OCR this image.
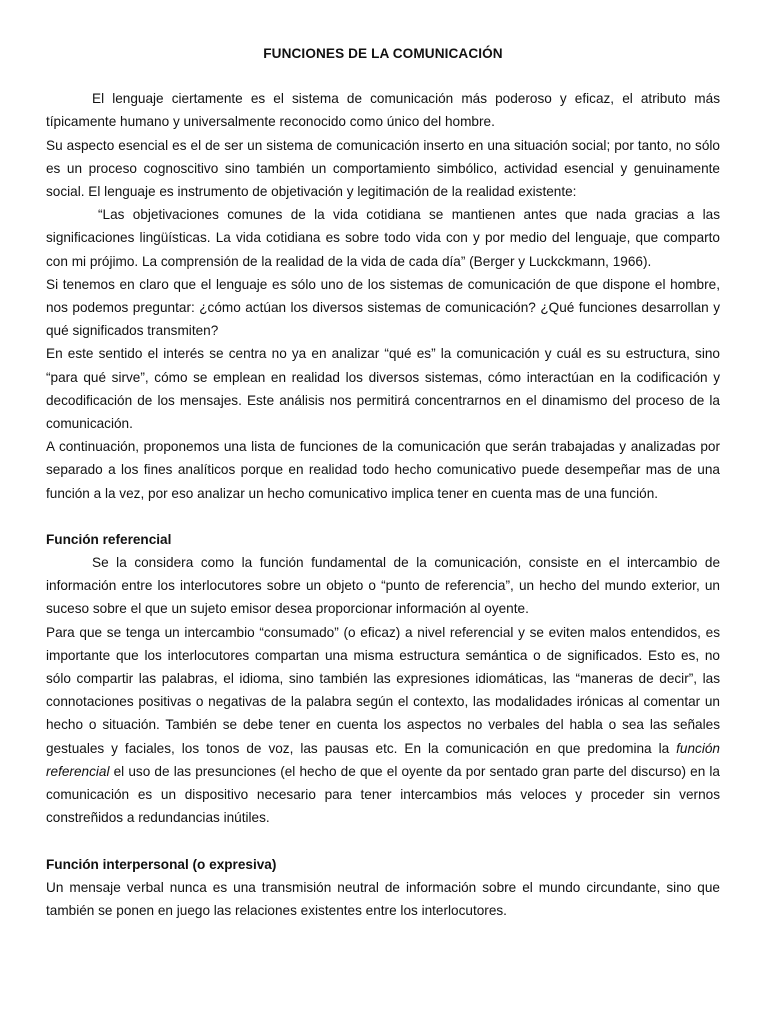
FUNCIONES DE LA COMUNICACIÓN

El lenguaje ciertamente es el sistema de comunicación más poderoso y eficaz, el atributo más típicamente humano y universalmente reconocido como único del hombre.

Su aspecto esencial es el de ser un sistema de comunicación inserto en una situación social; por tanto, no sólo es un proceso cognoscitivo sino también un comportamiento simbólico, actividad esencial y genuinamente social. El lenguaje es instrumento de objetivación y legitimación de la realidad existente:

“Las objetivaciones comunes de la vida cotidiana se mantienen antes que nada gracias a las significaciones lingüísticas. La vida cotidiana es sobre todo vida con y por medio del lenguaje, que comparto con mi prójimo. La comprensión de la realidad de la vida de cada día” (Berger y Luckckmann, 1966).

Si tenemos en claro que el lenguaje es sólo uno de los sistemas de comunicación de que dispone el hombre, nos podemos preguntar: ¿cómo actúan los diversos sistemas de comunicación? ¿Qué funciones desarrollan y qué significados transmiten?

En este sentido el interés se centra no ya en analizar “qué es” la comunicación y cuál es su estructura, sino “para qué sirve”, cómo se emplean en realidad los diversos sistemas, cómo interactúan en la codificación y decodificación de los mensajes. Este análisis nos permitirá concentrarnos en el dinamismo del proceso de la comunicación.

A continuación, proponemos una lista de funciones de la comunicación que serán trabajadas y analizadas por separado a los fines analíticos porque en realidad todo hecho comunicativo puede desempeñar mas de una función a la vez, por eso analizar un hecho comunicativo implica tener en cuenta mas de una función.

Función referencial

Se la considera como la función fundamental de la comunicación, consiste en el intercambio de información entre los interlocutores sobre un objeto o “punto de referencia”, un hecho del mundo exterior, un suceso sobre el que un sujeto emisor desea proporcionar información al oyente.

Para que se tenga un intercambio “consumado” (o eficaz) a nivel referencial y se eviten malos entendidos, es importante que los interlocutores compartan una misma estructura semántica o de significados. Esto es, no sólo compartir las palabras, el idioma, sino también las expresiones idiomáticas, las “maneras de decir”, las connotaciones positivas o negativas de la palabra según el contexto, las modalidades irónicas al comentar un hecho o situación. También se debe tener en cuenta los aspectos no verbales del habla o sea las señales gestuales y faciales, los tonos de voz, las pausas etc. En la comunicación en que predomina la función referencial el uso de las presunciones (el hecho de que el oyente da por sentado gran parte del discurso) en la comunicación es un dispositivo necesario para tener intercambios más veloces y proceder sin vernos constreñidos a redundancias inútiles.

Función interpersonal (o expresiva)

Un mensaje verbal nunca es una transmisión neutral de información sobre el mundo circundante, sino que también se ponen en juego las relaciones existentes entre los interlocutores.
